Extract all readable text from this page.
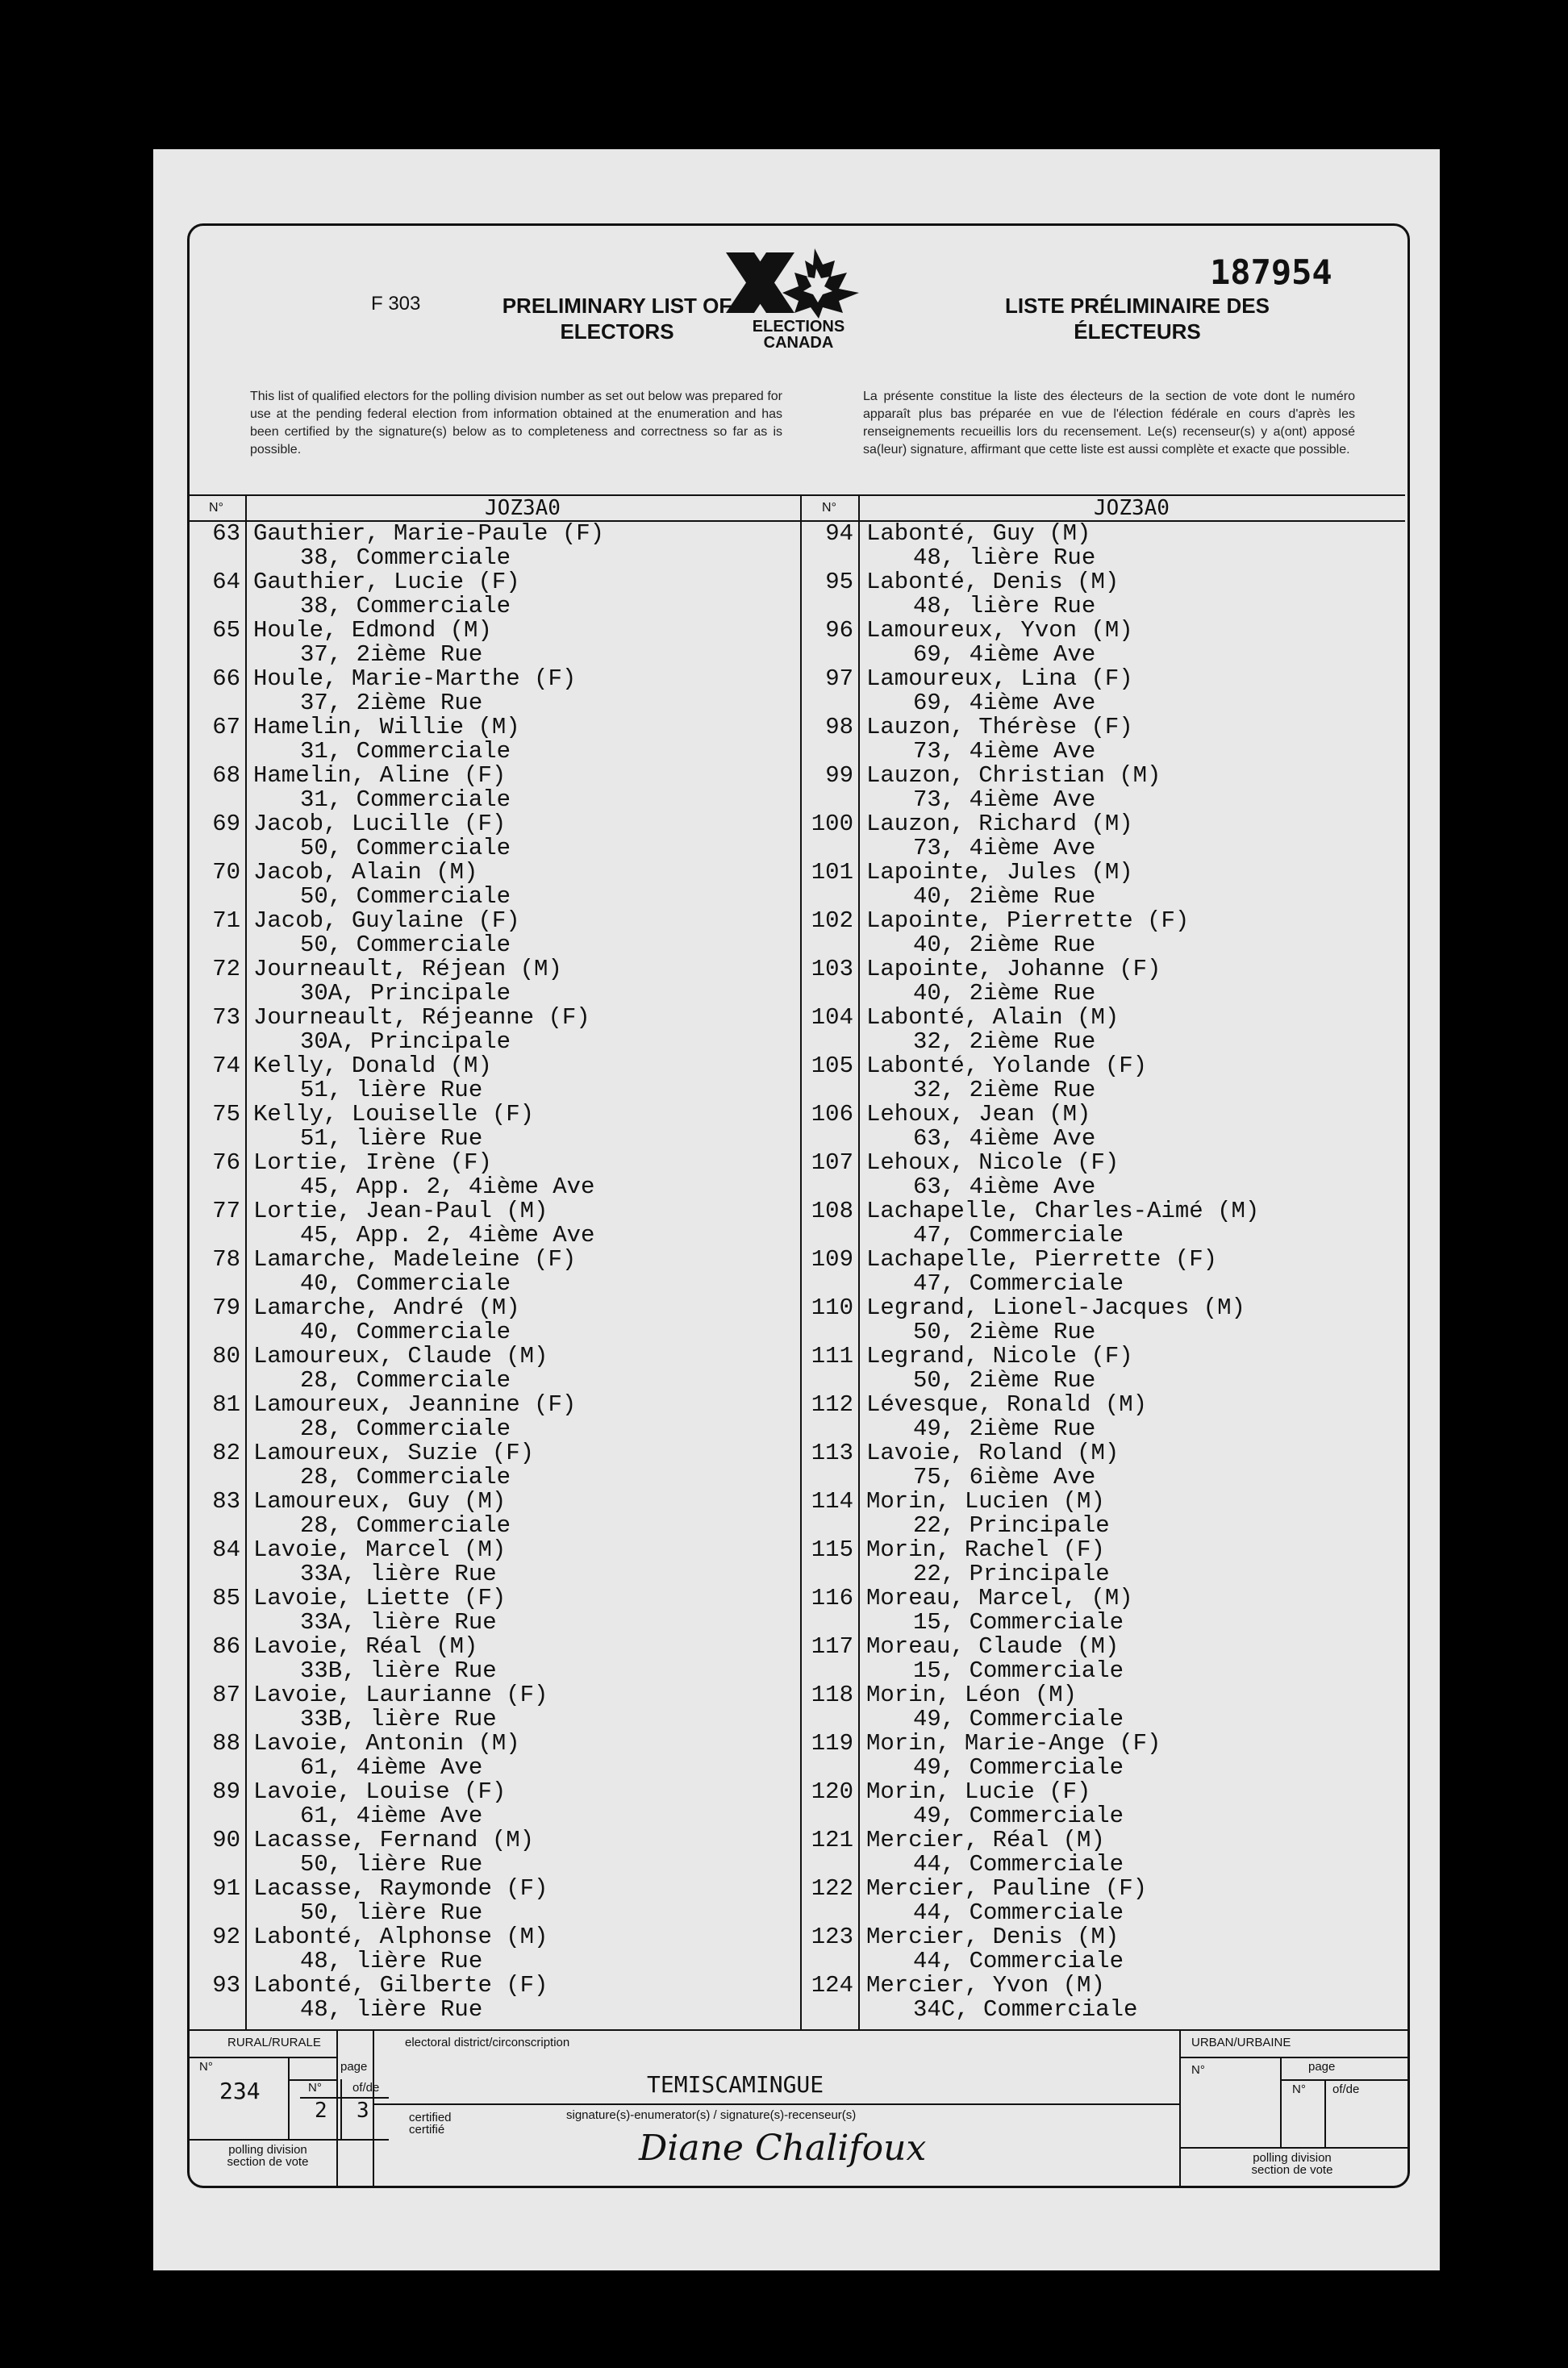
F 303	PRELIMINARY LIST OF ELECTORS	ELECTIONS
CANADA
187954
LISTE PRÉLIMINAIRE DES ÉLECTEURS
This list of qualified electors for the polling division number as set out below was prepared for use at the pending federal election from information obtained at the enumeration and has been certified by the signature(s) below as to completeness and correctness so far as is possible.
La présente constitue la liste des électeurs de la section de vote dont le numéro apparaît plus bas préparée en vue de l'élection fédérale en cours d'après les renseignements recueillis lors du recensement. Le(s) recenseur(s) y a(ont) apposé sa(leur) signature, affirmant que cette liste est aussi complète et exacte que possible.
N°	JOZ3A0
63 Gauthier, Marie-Paule (F)
38, Commerciale
64 Gauthier, Lucie (F)
38, Commerciale
65 Houle, Edmond (M)
37, 2ième Rue
66 Houle, Marie-Marthe (F)
37, 2ième Rue
67 Hamelin, Willie (M)
31, Commerciale
68 Hamelin, Aline (F)
31, Commerciale
69 Jacob, Lucille (F)
50, Commerciale
70 Jacob, Alain (M)
50, Commerciale
71 Jacob, Guylaine (F)
50, Commerciale
72 Journeault, Réjean (M)
30A, Principale
73 Journeault, Réjeanne (F)
30A, Principale
74 Kelly, Donald (M)
51, lière Rue
75 Kelly, Louiselle (F)
51, lière Rue
76 Lortie, Irène (F)
45, App. 2, 4ième Ave
77 Lortie, Jean-Paul (M)
45, App. 2, 4ième Ave
78 Lamarche, Madeleine (F)
40, Commerciale
79 Lamarche, André (M)
40, Commerciale
80 Lamoureux, Claude (M)
28, Commerciale
81 Lamoureux, Jeannine (F)
28, Commerciale
82 Lamoureux, Suzie (F)
28, Commerciale
83 Lamoureux, Guy (M)
28, Commerciale
84 Lavoie, Marcel (M)
33A, lière Rue
85 Lavoie, Liette (F)
33A, lière Rue
86 Lavoie, Réal (M)
33B, lière Rue
87 Lavoie, Laurianne (F)
33B, lière Rue
88 Lavoie, Antonin (M)
61, 4ième Ave
89 Lavoie, Louise (F)
61, 4ième Ave
90 Lacasse, Fernand (M)
50, lière Rue
91 Lacasse, Raymonde (F)
50, lière Rue
92 Labonté, Alphonse (M)
48, lière Rue
93 Labonté, Gilberte (F)
48, lière Rue
N°	JOZ3A0
94 Labonté, Guy (M)
48, lière Rue
95 Labonté, Denis (M)
48, lière Rue
96 Lamoureux, Yvon (M)
69, 4ième Ave
97 Lamoureux, Lina (F)
69, 4ième Ave
98 Lauzon, Thérèse (F)
73, 4ième Ave
99 Lauzon, Christian (M)
73, 4ième Ave
100 Lauzon, Richard (M)
73, 4ième Ave
101 Lapointe, Jules (M)
40, 2ième Rue
102 Lapointe, Pierrette (F)
40, 2ième Rue
103 Lapointe, Johanne (F)
40, 2ième Rue
104 Labonté, Alain (M)
32, 2ième Rue
105 Labonté, Yolande (F)
32, 2ième Rue
106 Lehoux, Jean (M)
63, 4ième Ave
107 Lehoux, Nicole (F)
63, 4ième Ave
108 Lachapelle, Charles-Aimé (M)
47, Commerciale
109 Lachapelle, Pierrette (F)
47, Commerciale
110 Legrand, Lionel-Jacques (M)
50, 2ième Rue
111 Legrand, Nicole (F)
50, 2ième Rue
112 Lévesque, Ronald (M)
49, 2ième Rue
113 Lavoie, Roland (M)
75, 6ième Ave
114 Morin, Lucien (M)
22, Principale
115 Morin, Rachel (F)
22, Principale
116 Moreau, Marcel, (M)
15, Commerciale
117 Moreau, Claude (M)
15, Commerciale
118 Morin, Léon (M)
49, Commerciale
119 Morin, Marie-Ange (F)
49, Commerciale
120 Morin, Lucie (F)
49, Commerciale
121 Mercier, Réal (M)
44, Commerciale
122 Mercier, Pauline (F)
44, Commerciale
123 Mercier, Denis (M)
44, Commerciale
124 Mercier, Yvon (M)
34C, Commerciale
RURAL/RURALE
N°
234
page
N°	of/de
2 3
polling division section de vote
electoral district/circonscription
TEMISCAMINGUE
certified certifié
signature(s)-enumerator(s) / signature(s)-recenseur(s)
Diane Chalifoux
URBAN/URBAINE
N°	page
N° of/de
polling division section de vote
